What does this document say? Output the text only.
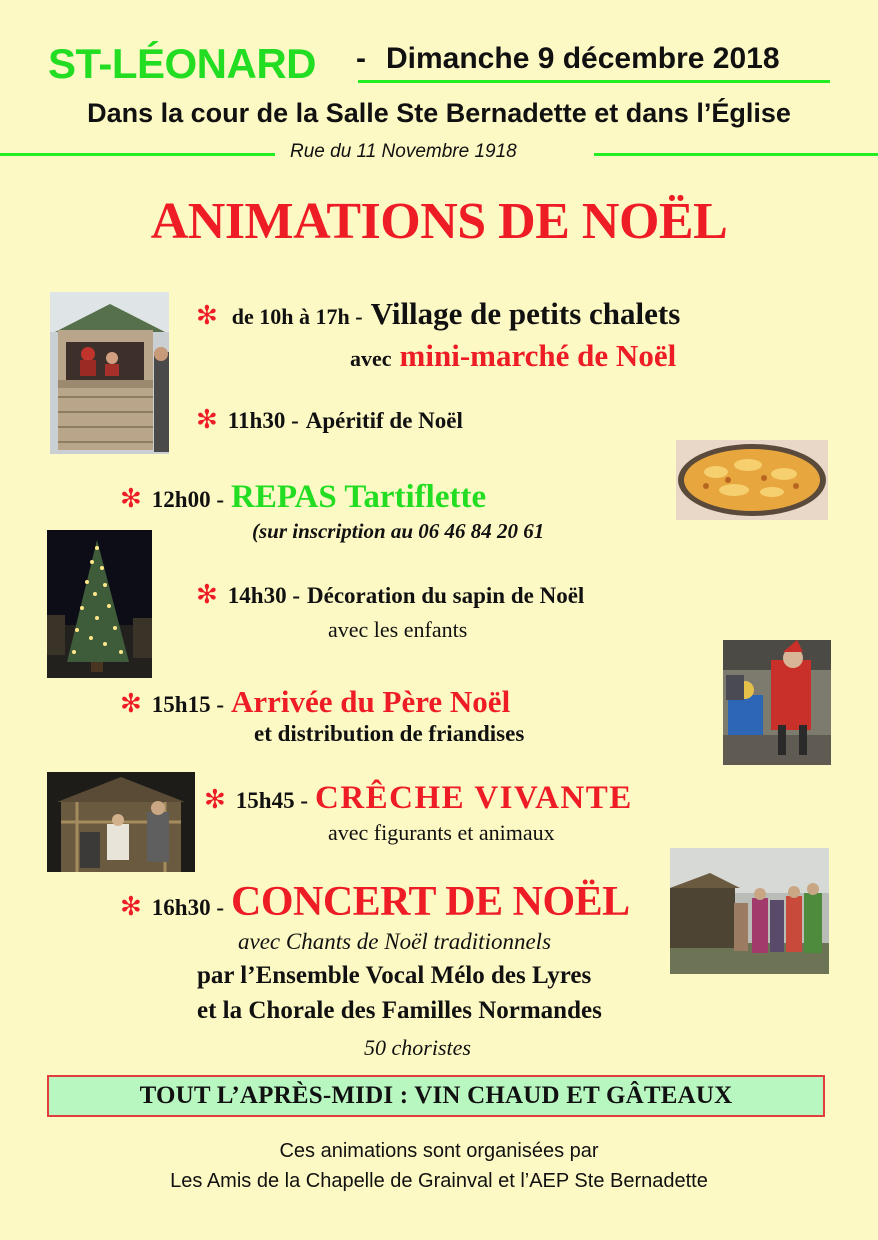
ST-LÉONARD - Dimanche 9 décembre 2018
Dans la cour de la Salle Ste Bernadette et dans l’Église
Rue du 11 Novembre 1918
ANIMATIONS DE NOËL
✻ de 10h à 17h - Village de petits chalets
avec mini-marché de Noël
✻ 11h30 - Apéritif de Noël
✻ 12h00 - REPAS Tartiflette
(sur inscription au 06 46 84 20 61
✻ 14h30 - Décoration du sapin de Noël
avec les enfants
✻ 15h15 - Arrivée du Père Noël
et distribution de friandises
✻ 15h45 - CRÊCHE VIVANTE
avec figurants et animaux
✻ 16h30 - CONCERT DE NOËL
avec Chants de Noël traditionnels
par l’Ensemble Vocal Mélo des Lyres
et la Chorale des Familles Normandes
50 choristes
TOUT L’APRÈS-MIDI : VIN CHAUD ET GÂTEAUX
Ces animations sont organisées par
Les Amis de la Chapelle de Grainval et l’AEP Ste Bernadette
